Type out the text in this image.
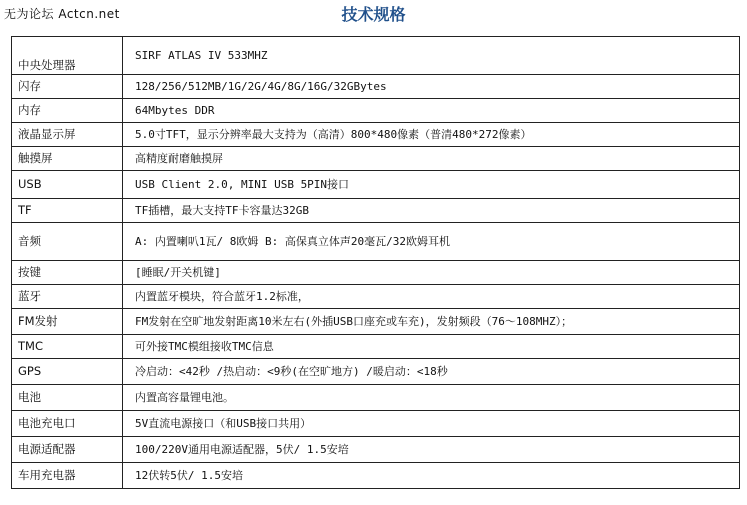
无为论坛 Actcn.net	技术规格
中央处理器	SIRF ATLAS IV 533MHZ
闪存	128/256/512MB/1G/2G/4G/8G/16G/32GBytes
内存	64Mbytes DDR
液晶显示屏	5.0寸TFT，显示分辨率最大支持为（高清）800*480像素（普清480*272像素）
触摸屏	高精度耐磨触摸屏
USB	USB Client 2.0, MINI USB 5PIN接口
TF	TF插槽，最大支持TF卡容量达32GB
音频	A: 内置喇叭1瓦/ 8欧姆 B: 高保真立体声20毫瓦/32欧姆耳机
按键	[睡眠/开关机键]
蓝牙	内置蓝牙模块，符合蓝牙1.2标准，
FM发射	FM发射在空旷地发射距离10米左右(外插USB口座充或车充)，发射频段（76～108MHZ）；
TMC	可外接TMC模组接收TMC信息
GPS	冷启动：<42秒 /热启动：<9秒(在空旷地方) /暖启动：<18秒
电池	内置高容量锂电池。
电池充电口	5V直流电源接口（和USB接口共用）
电源适配器	100/220V通用电源适配器，5伏/ 1.5安培
车用充电器	12伏转5伏/ 1.5安培
